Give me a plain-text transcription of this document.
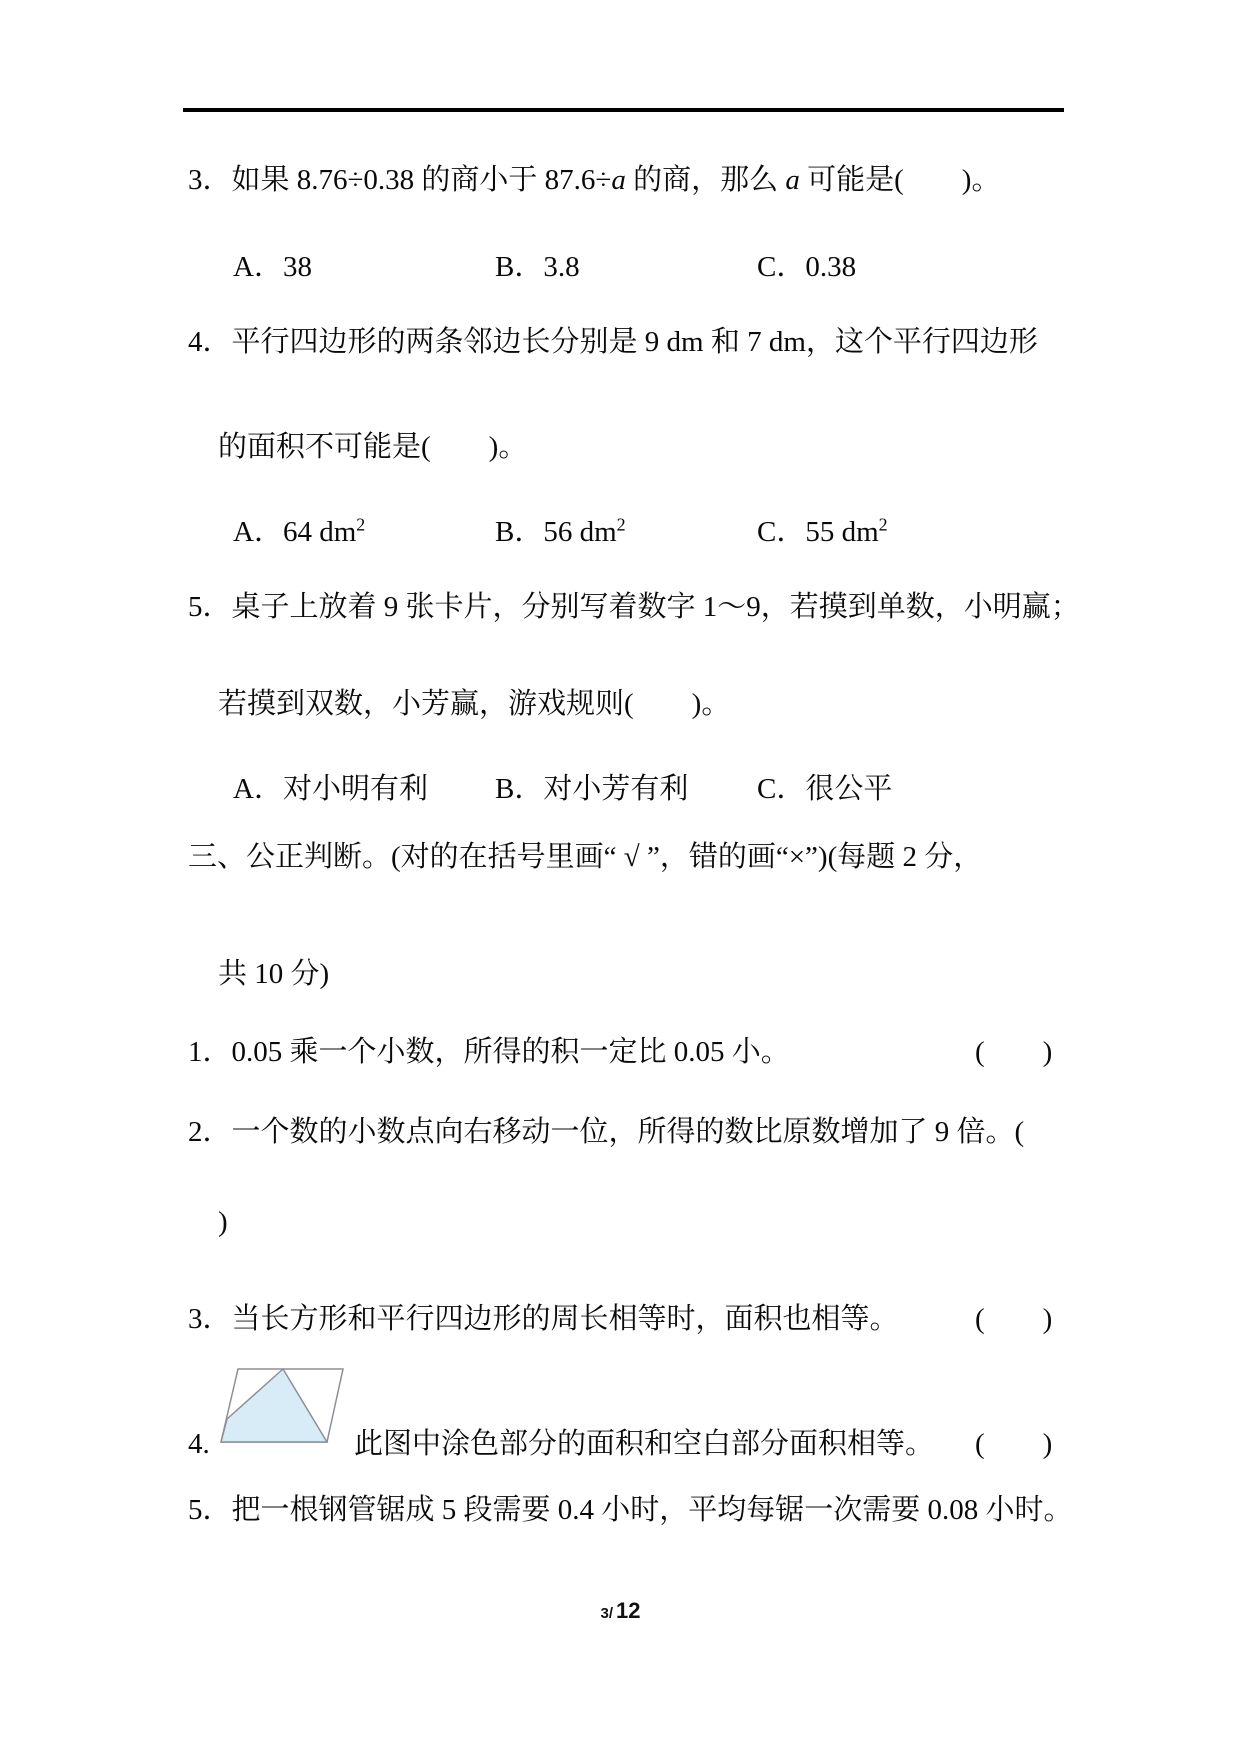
3．如果 8.76÷0.38 的商小于 87.6÷a 的商，那么 a 可能是(　　)。
A．38	B．3.8	C．0.38
4．平行四边形的两条邻边长分别是 9 dm 和 7 dm，这个平行四边形
的面积不可能是(　　)。
A．64 $dm^2$	B．56 $dm^2$	C．55 $dm^2$
5．桌子上放着 9 张卡片，分别写着数字 1～9，若摸到单数，小明赢；
若摸到双数，小芳赢，游戏规则(　　)。
A．对小明有利 B．对小芳有利 C．很公平
三、公正判断。(对的在括号里画“ √ ”，错的画“×”)(每题 2 分，
共 10 分)
1．0.05 乘一个小数，所得的积一定比 0.05 小。	(　　)
2．一个数的小数点向右移动一位，所得的数比原数增加了 9 倍。(
)
3．当长方形和平行四边形的周长相等时，面积也相等。	(　　)
4.	此图中涂色部分的面积和空白部分面积相等。 (　　)
5．把一根钢管锯成 5 段需要 0.4 小时，平均每锯一次需要 0.08 小时。
3/ 12
